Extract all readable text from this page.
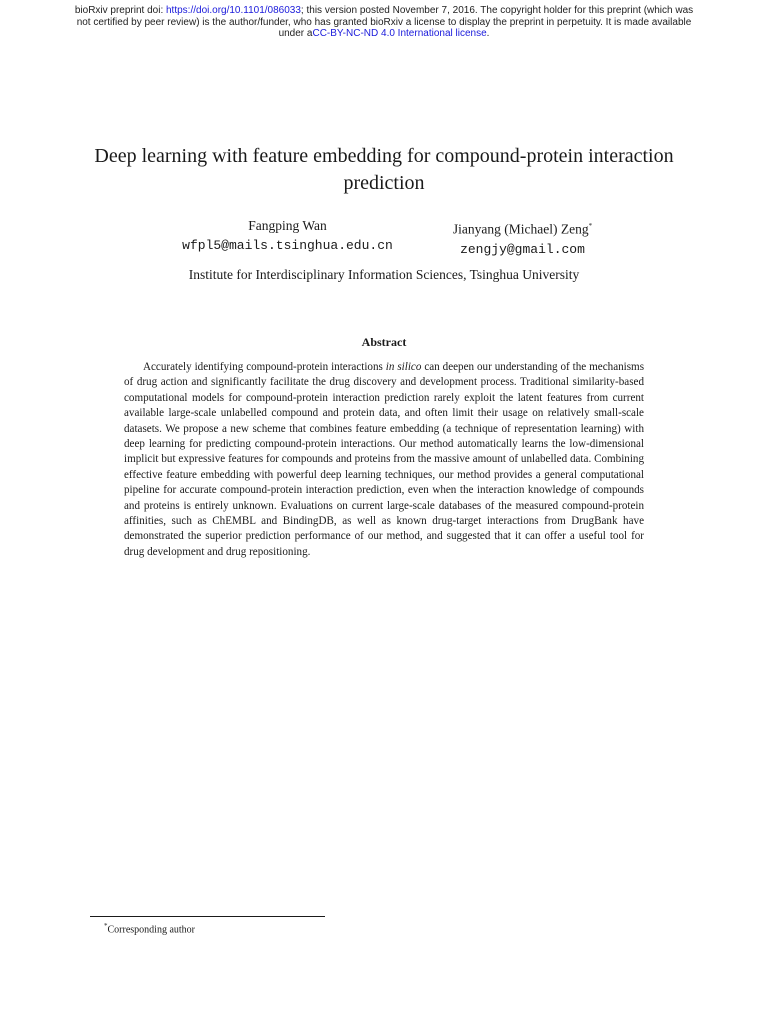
bioRxiv preprint doi: https://doi.org/10.1101/086033; this version posted November 7, 2016. The copyright holder for this preprint (which was
not certified by peer review) is the author/funder, who has granted bioRxiv a license to display the preprint in perpetuity. It is made available
under aCC-BY-NC-ND 4.0 International license.
Deep learning with feature embedding for compound-protein interaction prediction
Fangping Wan
wfpl5@mails.tsinghua.edu.cn
Jianyang (Michael) Zeng*
zengjy@gmail.com
Institute for Interdisciplinary Information Sciences, Tsinghua University
Abstract

Accurately identifying compound-protein interactions in silico can deepen our understanding of the mechanisms of drug action and significantly facilitate the drug discovery and development process. Traditional similarity-based computational models for compound-protein interaction prediction rarely exploit the latent features from current available large-scale unlabelled compound and protein data, and often limit their usage on relatively small-scale datasets. We propose a new scheme that combines feature embedding (a technique of representation learning) with deep learning for predicting compound-protein interactions. Our method automatically learns the low-dimensional implicit but expressive features for compounds and proteins from the massive amount of unlabelled data. Combining effective feature embedding with powerful deep learning techniques, our method provides a general computational pipeline for accurate compound-protein interaction prediction, even when the interaction knowledge of compounds and proteins is entirely unknown. Evaluations on current large-scale databases of the measured compound-protein affinities, such as ChEMBL and BindingDB, as well as known drug-target interactions from DrugBank have demonstrated the superior prediction performance of our method, and suggested that it can offer a useful tool for drug development and drug repositioning.

*Corresponding author
